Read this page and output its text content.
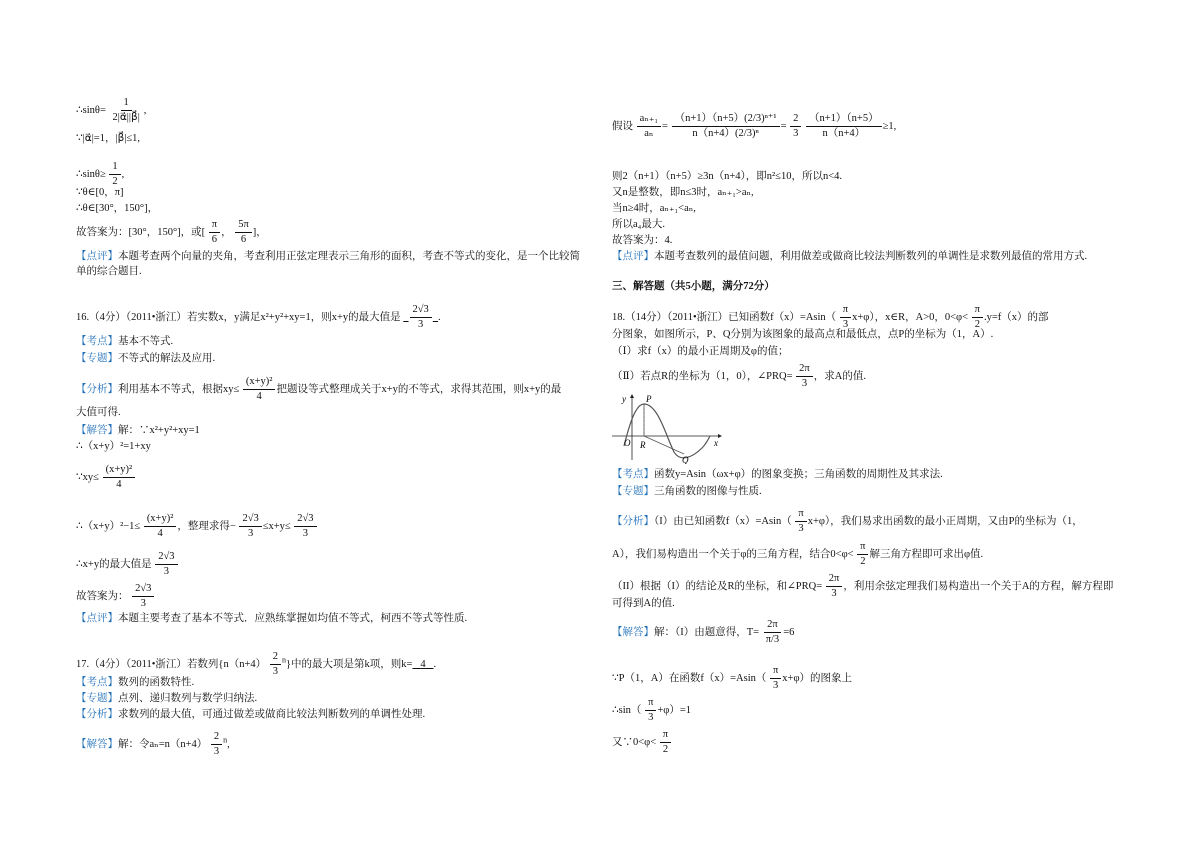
∴sinθ= $\frac{1}{2|\alpha⃗||\beta⃗|}$ ,
∵|α⃗|=1，|β⃗|≤1,
∴sinθ≥ $\frac{1}{2}$ ,
∵θ∈[0，π]
∴θ∈[30°，150°]，
故答案为：[30°，150°]，或[ $\frac{\pi}{6}$ ， $\frac{5\pi}{6}$ ]，
【点评】本题考查两个向量的夹角，考查利用正弦定理表示三角形的面积，考查不等式的变化，是一个比较简
单的综合题目.
16.（4分）（2011•浙江）若实数x，y满足x²+y²+xy=1，则x+y的最大值是 $\frac{2√3}{3}$ .
【考点】基本不等式.
【专题】不等式的解法及应用.
【分析】利用基本不等式，根据$xy\le \frac{\text{(x+y)²}}{4}$ 把题设等式整理成关于x+y的不等式，求得其范围，则x+y的最
大值可得.
【解答】解：∵x²+y²+xy=1
∴（x+y）²=1+xy
∵xy≤ $\frac{\text{(x+y)²}}{4}$
∴（x+y）²−1≤ $\frac{\text{(x+y)²}}{4}$ ，整理求得− $\frac{2√3}{3} \le x+y\le \frac{2√3}{3}$
∴x+y的最大值是 $\frac{2√3}{3}$
故答案为： $\frac{2√3}{3}$
【点评】本题主要考查了基本不等式．应熟练掌握如均值不等式，柯西不等式等性质.
17.（4分）（2011•浙江）若数列$\{n(n+4) \frac{2}{3} ^n\}$中的最大项是第k项，则k= 4 .
【考点】数列的函数特性.
【专题】点列、递归数列与数学归纳法.
【分析】求数列的最大值，可通过做差或做商比较法判断数列的单调性处理.
【解答】解：令$a_n=n(n+4) \frac{2}{3} ^n$,
假设 $\frac{\text{aₙ₊₁}}{\text{aₙ}} = \frac{\text{（n+1）（n+5）(2/3)ⁿ⁺¹}}{\text{n（n+4）(2/3)ⁿ}} = \frac{2}{3}$
$\frac{(n+1)(n+5)}{n(n+4)} \ge 1$,
则2（n+1）（n+5）≥3n（n+4），即n²≤10，所以n<4.
又n是整数，即n≤3时，aₙ₊₁>aₙ,
当n≥4时，aₙ₊₁<aₙ,
所以a₄最大.
故答案为：4.
【点评】本题考查数列的最值问题，利用做差或做商比较法判断数列的单调性是求数列最值的常用方式.
三、解答题（共5小题，满分72分）
18.（14分）（2011•浙江）已知函数$f(x)=Asin( \frac{\pi}{3} x+\varphi)$，x∈R，A>0，$0<\varphi< \frac{\pi}{2} .y=f(x)$的部
分图象，如图所示，P、Q分别为该图象的最高点和最低点，点P的坐标为（1，A）.
（Ⅰ）求f（x）的最小正周期及φ的值；
（Ⅱ）若点R的坐标为（1，0），∠PRQ= $\frac{2\pi}{3}$ ，求A的值.
y
x
P
O R
Q
【考点】函数y=Asin（ωx+φ）的图象变换；三角函数的周期性及其求法.
【专题】三角函数的图像与性质.
【分析】（I）由已知函数$f(x)=Asin( \frac{\pi}{3} x+\varphi)$，我们易求出函数的最小正周期，又由P的坐标为（1，
A），我们易构造出一个关于φ的三角方程，结合$0<\varphi< \frac{\pi}{2}$ 解三角方程即可求出φ值.
（II）根据（I）的结论及R的坐标，和∠PRQ= $\frac{2\pi}{3}$ ，利用余弦定理我们易构造出一个关于A的方程，解方程即
可得到A的值.
【解答】解：（I）由题意得，$T= \frac{2\pi}{\pi/3} =6$
∵P（1，A）在函数$f(x)=Asin( \frac{\pi}{3} x+\varphi)$的图象上
∴sin（ $\frac{\pi}{3} +\varphi)=1$
又∵0<φ< $\frac{\pi}{2}$
